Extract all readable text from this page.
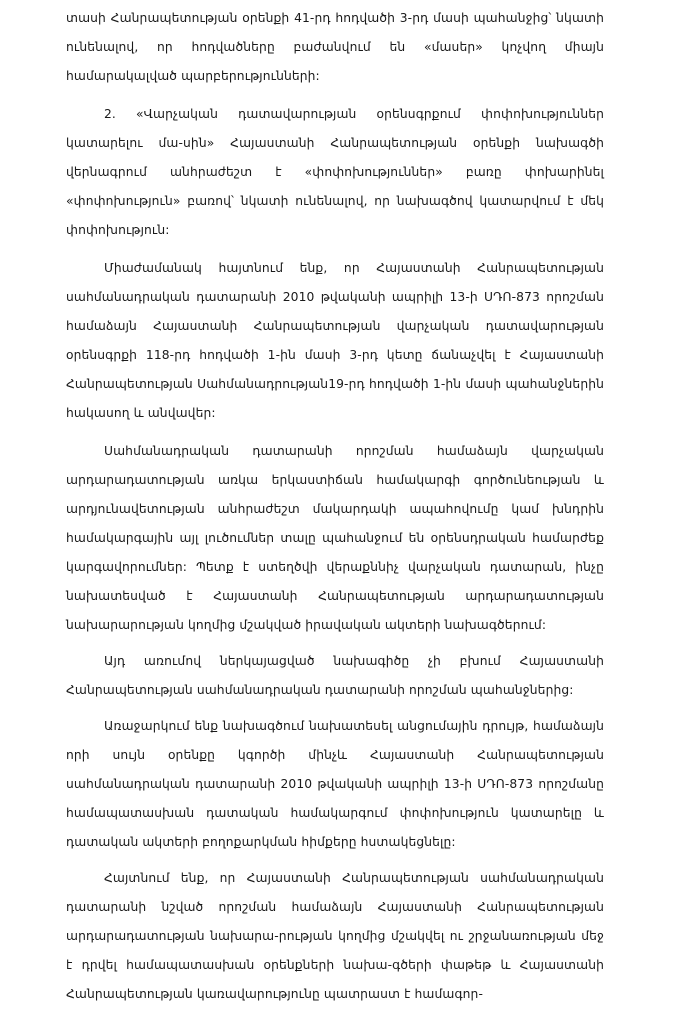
տասի Հանրապետության օրենքի 41-րդ հոդվածի 3-րդ մասի պահանջից՝ նկատի ունենալով, որ հոդվածները բաժանվում են «մասեր» կոչվող միայն համարակալված պարբերությունների:

2. «Վարչական դատավարության օրենսգրքում փոփոխություններ կատարելու մա-սին» Հայաստանի Հանրապետության օրենքի նախագծի վերնագրում անհրաժեշտ է «փոփոխություններ» բառը փոխարինել «փոփոխություն» բառով՝ նկատի ունենալով, որ նախագծով կատարվում է մեկ փոփոխություն:

Միաժամանակ հայտնում ենք, որ Հայաստանի Հանրապետության սահմանադրական դատարանի 2010 թվականի ապրիլի 13-ի ՍԴՈ-873 որոշման համաձայն Հայաստանի Հանրապետության վարչական դատավարության օրենսգրքի 118-րդ հոդվածի 1-ին մասի 3-րդ կետը ճանաչվել է Հայաստանի Հանրապետության Սահմանադրության19-րդ հոդվածի 1-ին մասի պահանջներին հակասող և անվավեր:

Սահմանադրական դատարանի որոշման համաձայն վարչական արդարադատության առկա երկաստիճան համակարգի գործունեության և արդյունավետության անհրաժեշտ մակարդակի ապահովումը կամ խնդրին համակարգային այլ լուծումներ տալը պահանջում են օրենսդրական համարժեք կարգավորումներ: Պետք է ստեղծվի վերաքննիչ վարչական դատարան, ինչը նախատեսված է Հայաստանի Հանրապետության արդարադատության նախարարության կողմից մշակված իրավական ակտերի նախագծերում:

Այդ առումով ներկայացված նախագիծը չի բխում Հայաստանի Հանրապետության սահմանադրական դատարանի որոշման պահանջներից:

Առաջարկում ենք նախագծում նախատեսել անցումային դրույթ, համաձայն որի սույն օրենքը կգործի մինչև Հայաստանի Հանրապետության սահմանադրական դատարանի 2010 թվականի ապրիլի 13-ի ՍԴՈ-873 որոշմանը համապատասխան դատական համակարգում փոփոխություն կատարելը և դատական ակտերի բողոքարկման հիմքերը հստակեցնելը:

Հայտնում ենք, որ Հայաստանի Հանրապետության սահմանադրական դատարանի նշված որոշման համաձայն Հայաստանի Հանրապետության արդարադատության նախարա-րության կողմից մշակվել ու շրջանառության մեջ է դրվել համապատասխան օրենքների նախա-գծերի փաթեթ և Հայաստանի Հանրապետության կառավարությունը պատրաստ է համագոր-
